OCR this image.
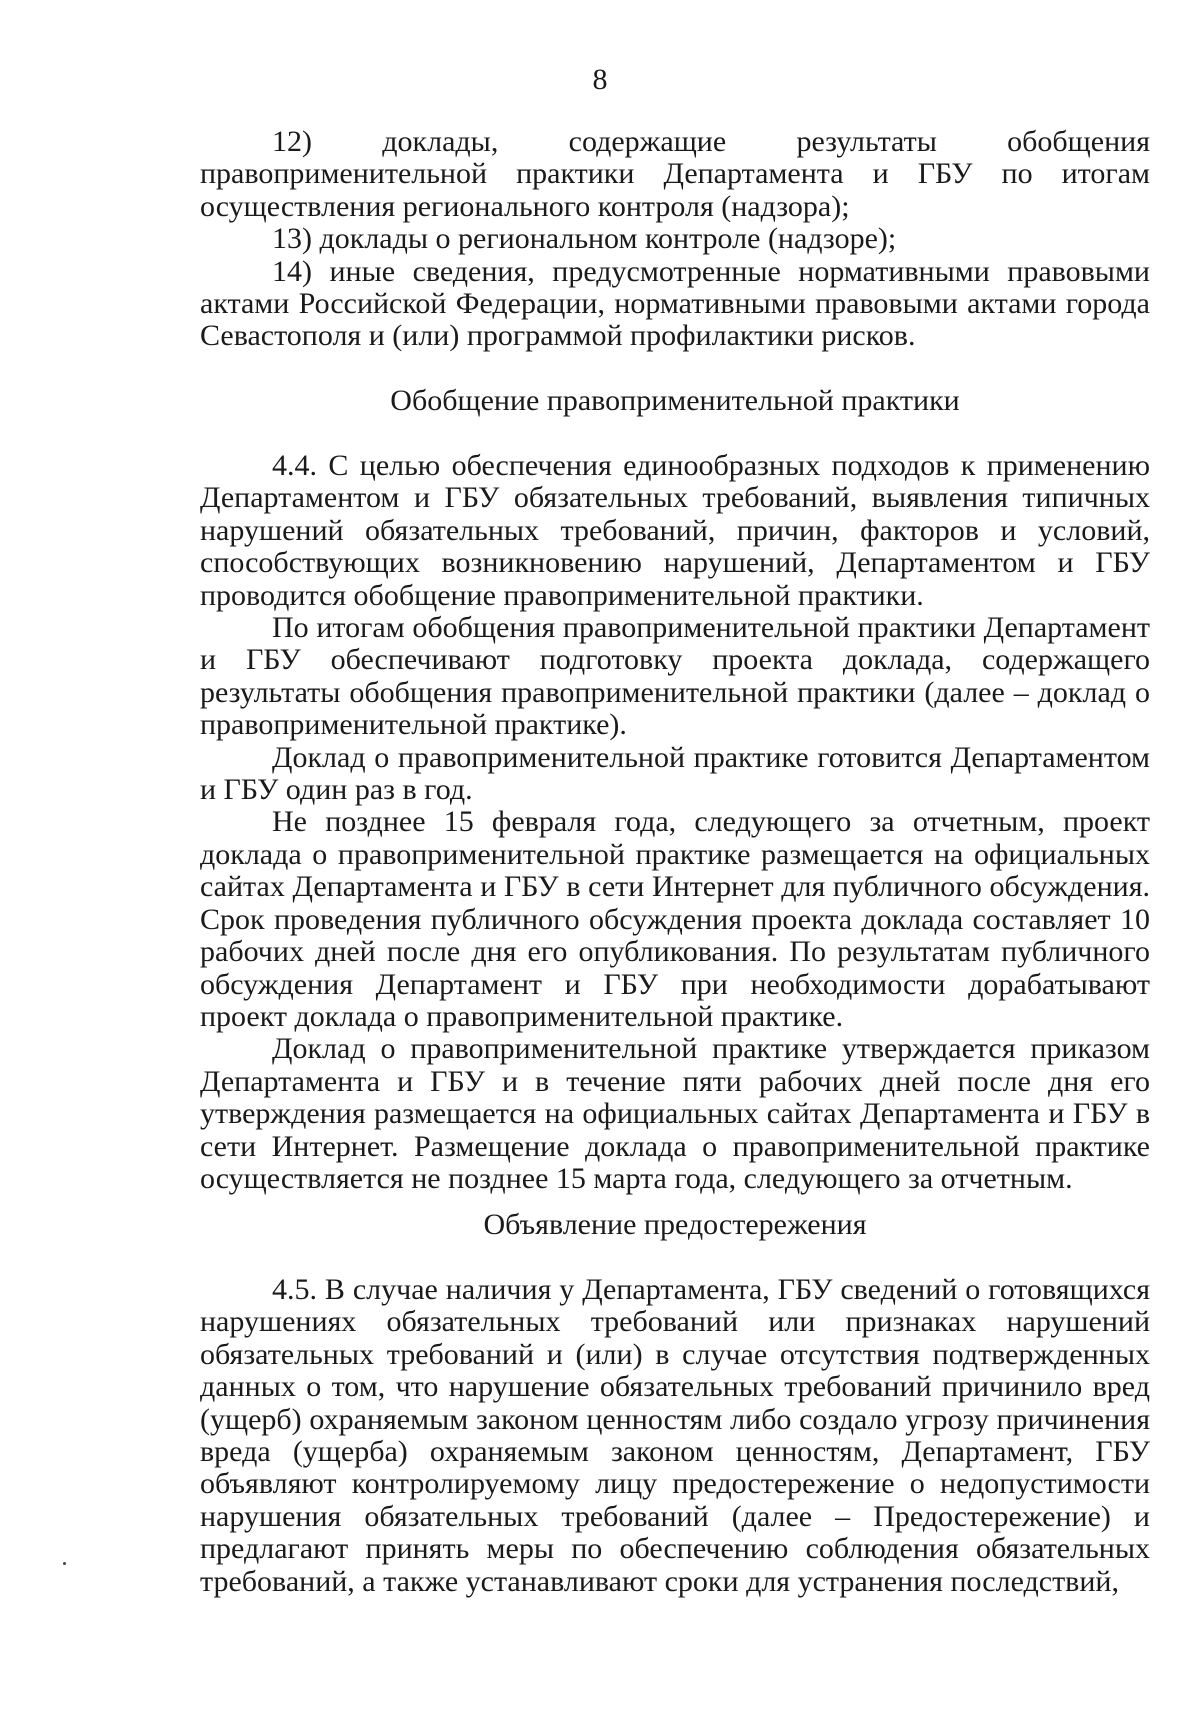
8

12) доклады, содержащие результаты обобщения правоприменительной практики Департамента и ГБУ по итогам осуществления регионального контроля (надзора);

13) доклады о региональном контроле (надзоре);

14) иные сведения, предусмотренные нормативными правовыми актами Российской Федерации, нормативными правовыми актами города Севастополя и (или) программой профилактики рисков.

Обобщение правоприменительной практики

4.4. С целью обеспечения единообразных подходов к применению Департаментом и ГБУ обязательных требований, выявления типичных нарушений обязательных требований, причин, факторов и условий, способствующих возникновению нарушений, Департаментом и ГБУ проводится обобщение правоприменительной практики.

По итогам обобщения правоприменительной практики Департамент и ГБУ обеспечивают подготовку проекта доклада, содержащего результаты обобщения правоприменительной практики (далее – доклад о правоприменительной практике).

Доклад о правоприменительной практике готовится Департаментом и ГБУ один раз в год.

Не позднее 15 февраля года, следующего за отчетным, проект доклада о правоприменительной практике размещается на официальных сайтах Департамента и ГБУ в сети Интернет для публичного обсуждения. Срок проведения публичного обсуждения проекта доклада составляет 10 рабочих дней после дня его опубликования. По результатам публичного обсуждения Департамент и ГБУ при необходимости дорабатывают проект доклада о правоприменительной практике.

Доклад о правоприменительной практике утверждается приказом Департамента и ГБУ и в течение пяти рабочих дней после дня его утверждения размещается на официальных сайтах Департамента и ГБУ в сети Интернет. Размещение доклада о правоприменительной практике осуществляется не позднее 15 марта года, следующего за отчетным.

Объявление предостережения

4.5. В случае наличия у Департамента, ГБУ сведений о готовящихся нарушениях обязательных требований или признаках нарушений обязательных требований и (или) в случае отсутствия подтвержденных данных о том, что нарушение обязательных требований причинило вред (ущерб) охраняемым законом ценностям либо создало угрозу причинения вреда (ущерба) охраняемым законом ценностям, Департамент, ГБУ объявляют контролируемому лицу предостережение о недопустимости нарушения обязательных требований (далее – Предостережение) и предлагают принять меры по обеспечению соблюдения обязательных требований, а также устанавливают сроки для устранения последствий,
